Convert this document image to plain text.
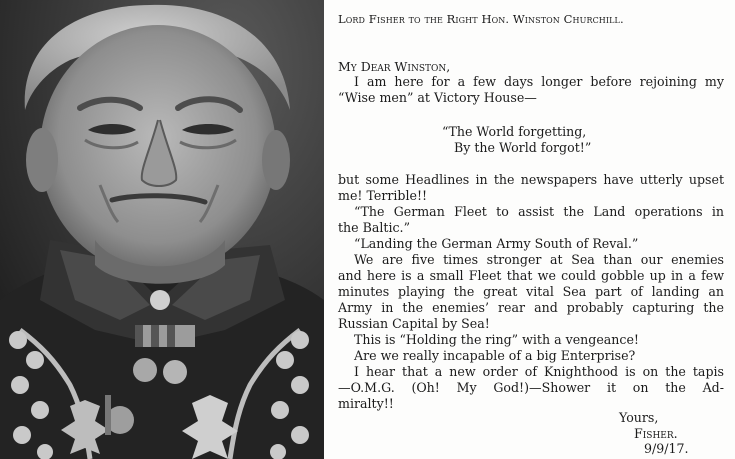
Lord Fisher to the Right Hon. Winston Churchill.
My Dear Winston,
I am here for a few days longer before rejoining my
“Wise men” at Victory House—
“The World forgetting,
By the World forgot!”
but some Headlines in the newspapers have utterly upset
me! Terrible!!
“The German Fleet to assist the Land operations in
the Baltic.”
“Landing the German Army South of Reval.”
We are five times stronger at Sea than our enemies
and here is a small Fleet that we could gobble up in a few
minutes playing the great vital Sea part of landing an
Army in the enemies’ rear and probably capturing the
Russian Capital by Sea!
This is “Holding the ring” with a vengeance!
Are we really incapable of a big Enterprise?
I hear that a new order of Knighthood is on the tapis
—O.M.G. (Oh! My God!)—Shower it on the Ad-
miralty!!
Yours,
Fisher.
9/9/17.
